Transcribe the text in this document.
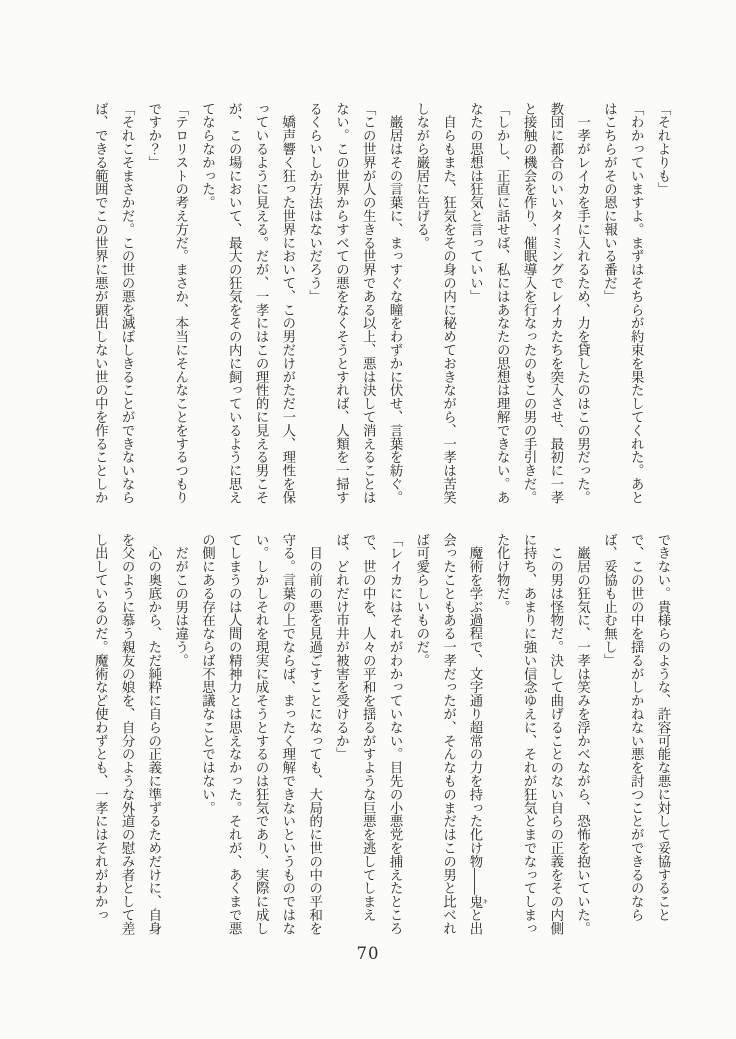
「それよりも」
「わかっていますよ。まずはそちらが約束を果たしてくれた。あと
はこちらがその恩に報いる番だ」
　一孝がレイカを手に入れるため、力を貸したのはこの男だった。
教団に都合のいいタイミングでレイカたちを突入させ、最初に一孝
と接触の機会を作り、催眠導入を行なったのもこの男の手引きだ。
「しかし、正直に話せば、私にはあなたの思想は理解できない。あ
なたの思想は狂気と言っていい」
　自らもまた、狂気をその身の内に秘めておきながら、一孝は苦笑
しながら巌居に告げる。
　巌居はその言葉に、まっすぐな瞳をわずかに伏せ、言葉を紡ぐ。
「この世界が人の生きる世界である以上、悪は決して消えることは
ない。この世界からすべての悪をなくそうとすれば、人類を一掃す
るくらいしか方法はないだろう」
　嬌声響く狂った世界において、この男だけがただ一人、理性を保
っているように見える。だが、一孝にはこの理性的に見える男こそ
が、この場において、最大の狂気をその内に飼っているように思え
てならなかった。
「テロリストの考え方だ。まさか、本当にそんなことをするつもり
ですか？」
「それこそまさかだ。この世の悪を滅ぼしきることができないなら
ば、できる範囲でこの世界に悪が顕出しない世の中を作ることしか
できない。貴様らのような、許容可能な悪に対して妥協すること
で、この世の中を揺るがしかねない悪を討つことができるのなら
ば、妥協も止む無し」
　巌居の狂気に、一孝は笑みを浮かべながら、恐怖を抱いていた。
　この男は怪物だ。決して曲げることのない自らの正義をその内側
に持ち、あまりに強い信念ゆえに、それが狂気とまでなってしまっ
た化け物だ。
　魔術を学ぶ過程で、文字通り超常の力を持った化け物――鬼 キと出
会ったこともある一孝だったが、そんなものまだはこの男と比べれ
ば可愛らしいものだ。
「レイカにはそれがわかっていない。目先の小悪党を捕えたところ
で、世の中を、人々の平和を揺るがすような巨悪を逃してしまえ
ば、どれだけ市井が被害を受けるか」
　目の前の悪を見過ごすことになっても、大局的に世の中の平和を
守る。言葉の上でならば、まったく理解できないというものではな
い。しかしそれを現実に成そうとするのは狂気であり、実際に成し
てしまうのは人間の精神力とは思えなかった。それが、あくまで悪
の側にある存在ならば不思議なことではない。
　だがこの男は違う。
　心の奥底から、ただ純粋に自らの正義に準ずるためだけに、自身
を父のように慕う親友の娘を、自分のような外道の慰み者として差
し出しているのだ。魔術など使わずとも、一孝にはそれがわかっ
70
